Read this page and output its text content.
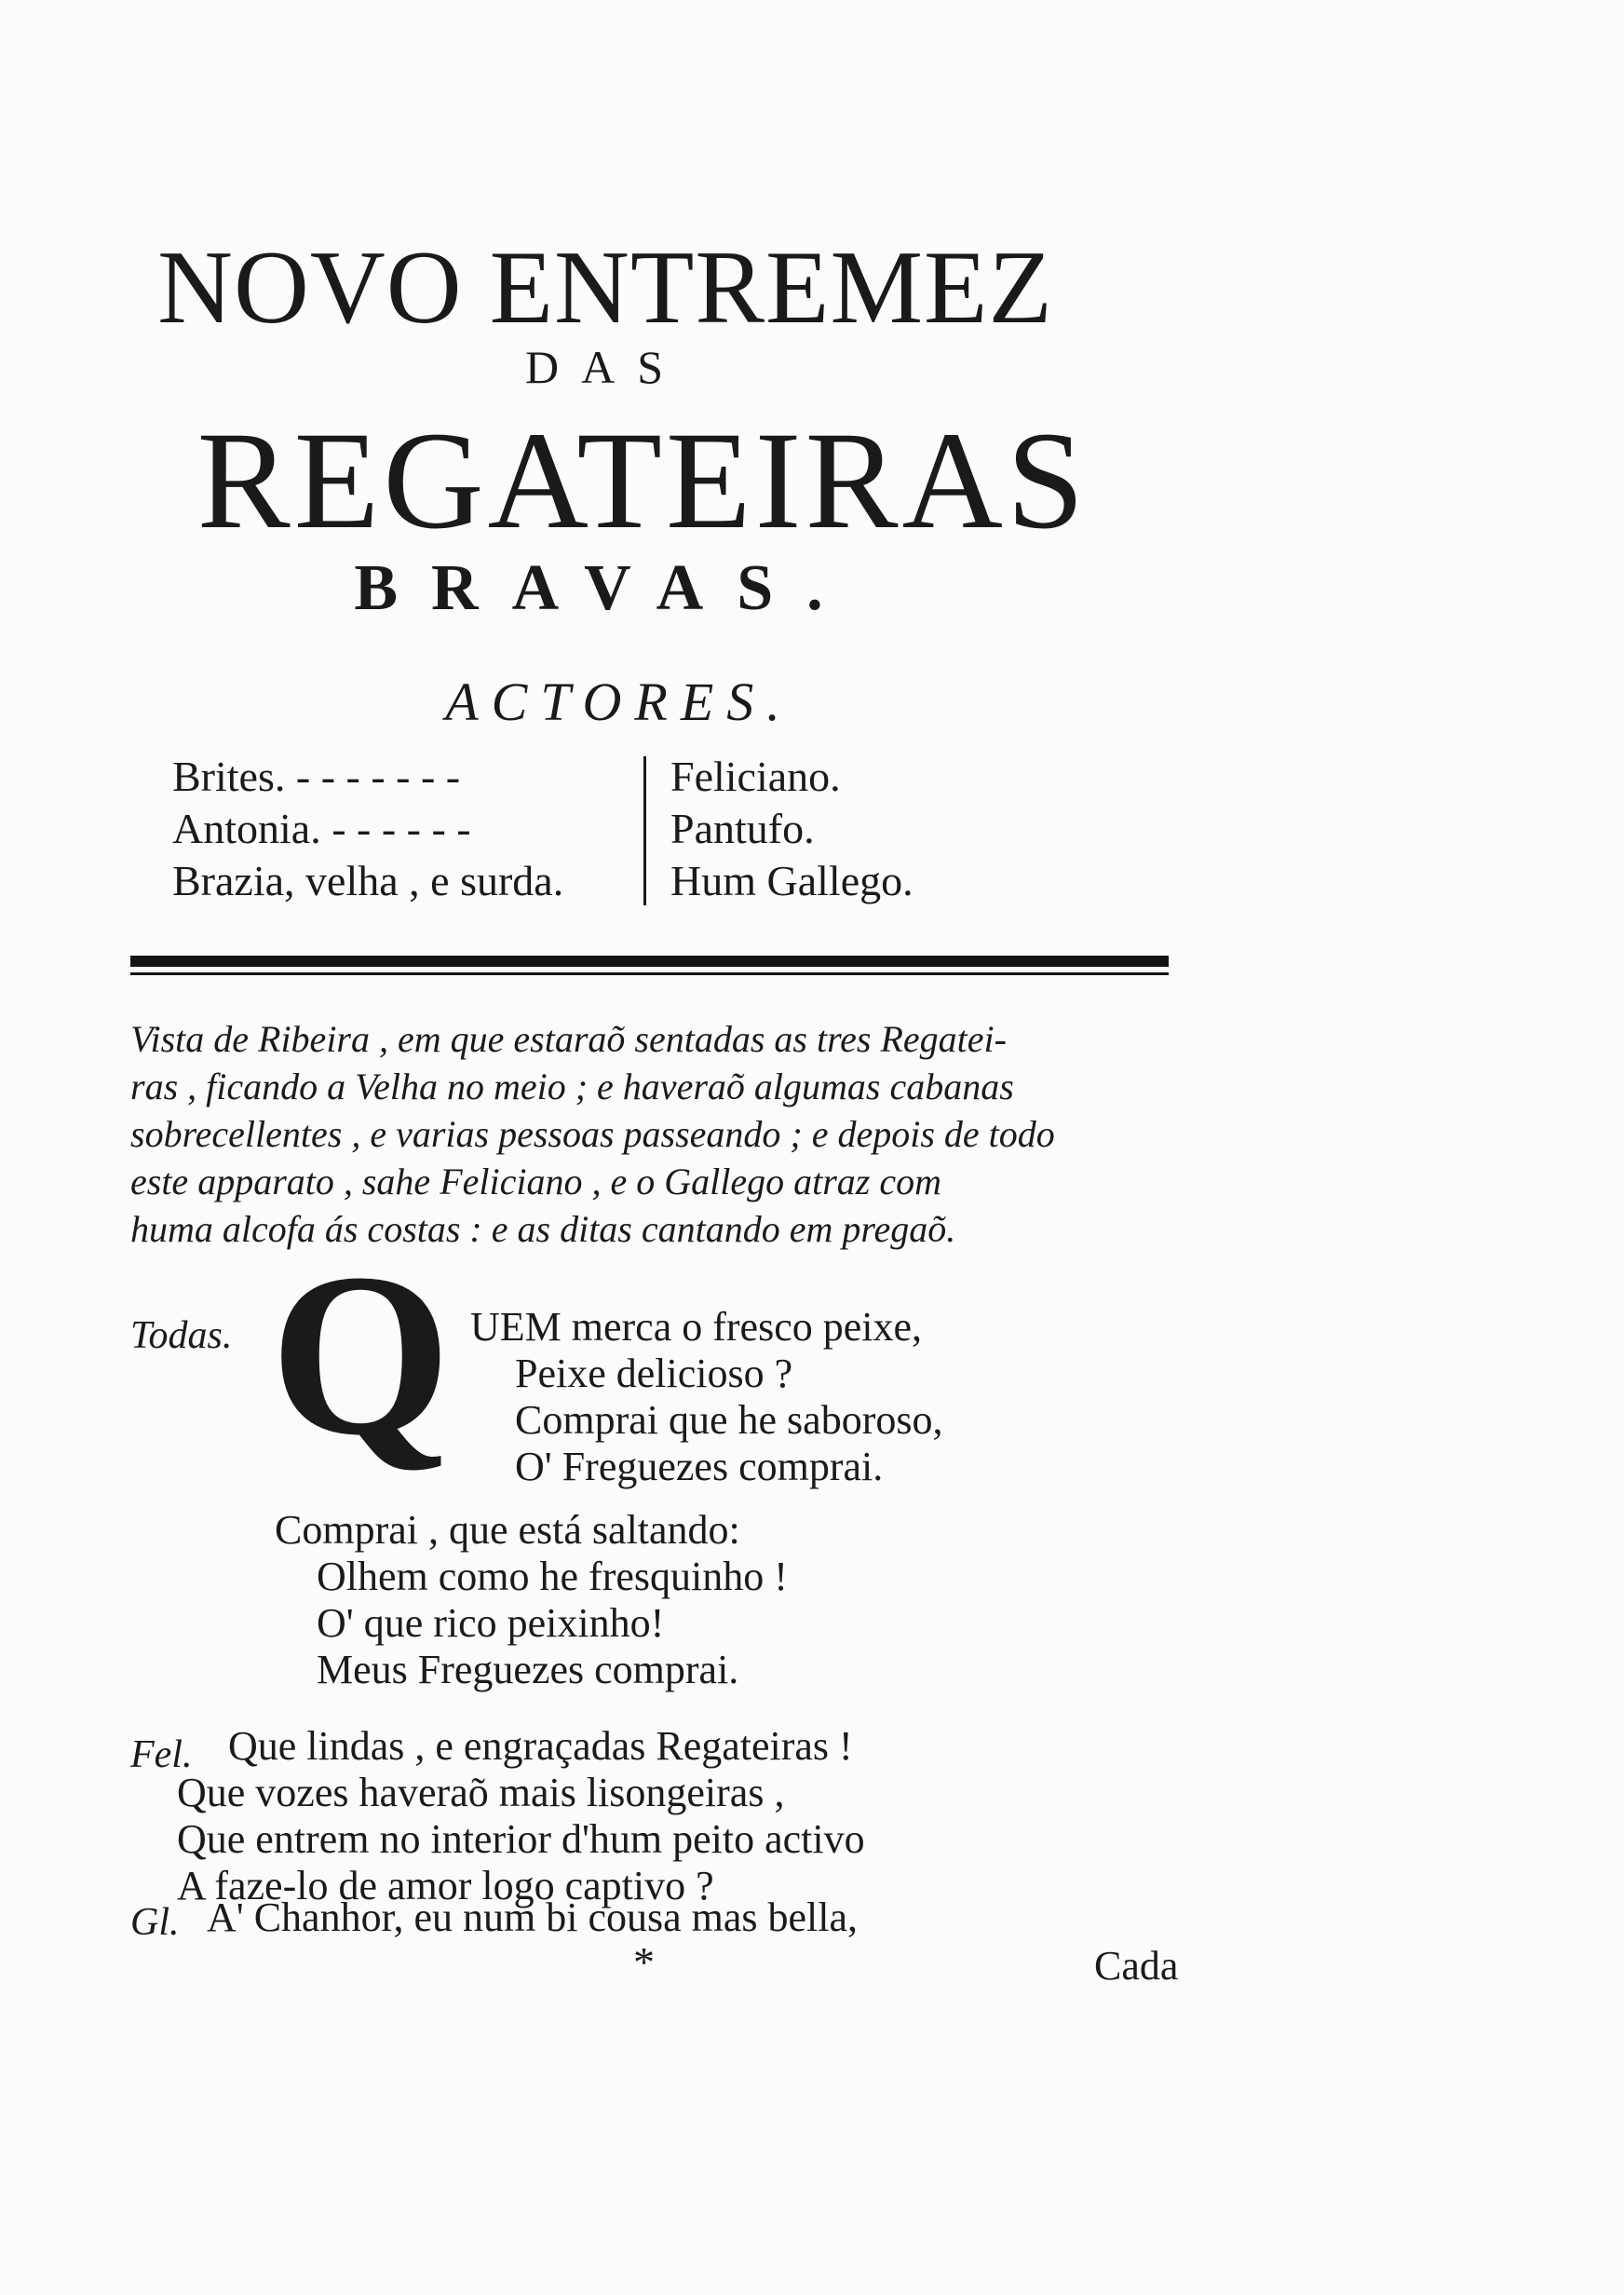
NOVO ENTREMEZ
DAS
REGATEIRAS
BRAVAS.
ACTORES.
Brites. - - - - - - -
Antonia. - - - - - -
Brazia, velha , e surda.
Feliciano.
Pantufo.
Hum Gallego.
Vista de Ribeira , em que estaraõ sentadas as tres Regatei-
ras , ficando a Velha no meio ; e haveraõ algumas cabanas
sobrecellentes , e varias pessoas passeando ; e depois de todo
este apparato , sahe Feliciano , e o Gallego atraz com
huma alcofa ás costas : e as ditas cantando em pregaõ.
Todas. Q UEM merca o fresco peixe,
Peixe delicioso ?
Comprai que he saboroso,
O' Freguezes comprai.
Comprai , que está saltando:
Olhem como he fresquinho !
O' que rico peixinho!
Meus Freguezes comprai.
Fel. Que lindas , e engraçadas Regateiras !
Que vozes haveraõ mais lisongeiras ,
Que entrem no interior d'hum peito activo
A faze-lo de amor logo captivo ?
Gl. A' Chanhor, eu num bi cousa mas bella,
*	Cada
